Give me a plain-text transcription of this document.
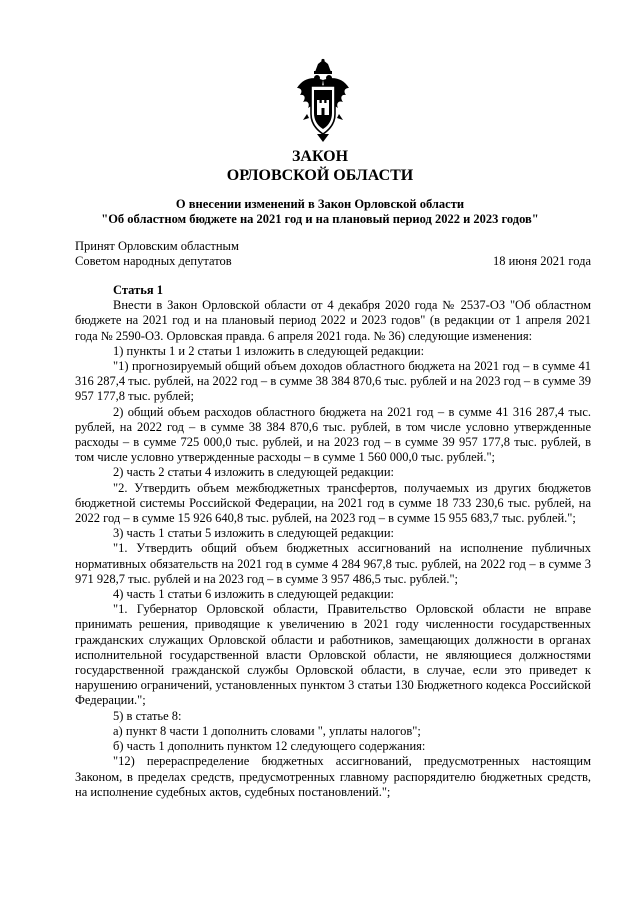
ЗАКОН
ОРЛОВСКОЙ ОБЛАСТИ
О внесении изменений в Закон Орловской области
"Об областном бюджете на 2021 год и на плановый период 2022 и 2023 годов"
Принят Орловским областным
Советом народных депутатов	18 июня 2021 года

Статья 1

Внести в Закон Орловской области от 4 декабря 2020 года № 2537-ОЗ "Об областном бюджете на 2021 год и на плановый период 2022 и 2023 годов" (в редакции от 1 апреля 2021 года № 2590-ОЗ. Орловская правда. 6 апреля 2021 года. № 36) следующие изменения:

1) пункты 1 и 2 статьи 1 изложить в следующей редакции:

"1) прогнозируемый общий объем доходов областного бюджета на 2021 год – в сумме 41 316 287,4 тыс. рублей, на 2022 год – в сумме 38 384 870,6 тыс. рублей и на 2023 год – в сумме 39 957 177,8 тыс. рублей;

2) общий объем расходов областного бюджета на 2021 год – в сумме 41 316 287,4 тыс. рублей, на 2022 год – в сумме 38 384 870,6 тыс. рублей, в том числе условно утвержденные расходы – в сумме 725 000,0 тыс. рублей, и на 2023 год – в сумме 39 957 177,8 тыс. рублей, в том числе условно утвержденные расходы – в сумме 1 560 000,0 тыс. рублей.";

2) часть 2 статьи 4 изложить в следующей редакции:

"2. Утвердить объем межбюджетных трансфертов, получаемых из других бюджетов бюджетной системы Российской Федерации, на 2021 год в сумме 18 733 230,6 тыс. рублей, на 2022 год – в сумме 15 926 640,8 тыс. рублей, на 2023 год – в сумме 15 955 683,7 тыс. рублей.";

3) часть 1 статьи 5 изложить в следующей редакции:

"1. Утвердить общий объем бюджетных ассигнований на исполнение публичных нормативных обязательств на 2021 год в сумме 4 284 967,8 тыс. рублей, на 2022 год – в сумме 3 971 928,7 тыс. рублей и на 2023 год – в сумме 3 957 486,5 тыс. рублей.";

4) часть 1 статьи 6 изложить в следующей редакции:

"1. Губернатор Орловской области, Правительство Орловской области не вправе принимать решения, приводящие к увеличению в 2021 году численности государственных гражданских служащих Орловской области и работников, замещающих должности в органах исполнительной государственной власти Орловской области, не являющиеся должностями государственной гражданской службы Орловской области, в случае, если это приведет к нарушению ограничений, установленных пунктом 3 статьи 130 Бюджетного кодекса Российской Федерации.";

5) в статье 8:

а) пункт 8 части 1 дополнить словами ", уплаты налогов";

б) часть 1 дополнить пунктом 12 следующего содержания:

"12) перераспределение бюджетных ассигнований, предусмотренных настоящим Законом, в пределах средств, предусмотренных главному распорядителю бюджетных средств, на исполнение судебных актов, судебных постановлений.";
